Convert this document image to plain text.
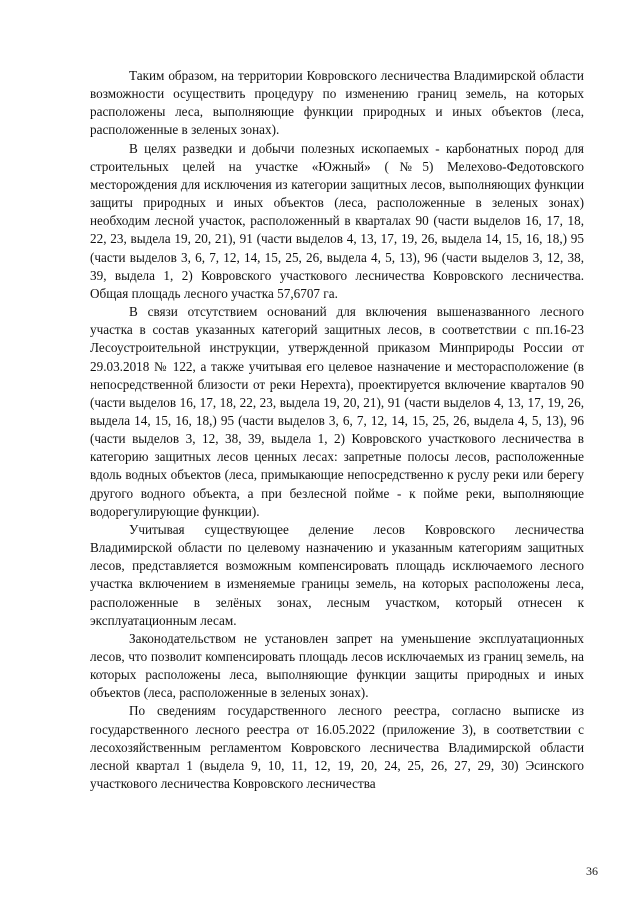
Таким образом, на территории Ковровского лесничества Владимирской области возможности осуществить процедуру по изменению границ земель, на которых расположены леса, выполняющие функции природных и иных объектов (леса, расположенные в зеленых зонах).

В целях разведки и добычи полезных ископаемых - карбонатных пород для строительных целей на участке «Южный» (№5) Мелехово-Федотовского месторождения для исключения из категории защитных лесов, выполняющих функции защиты природных и иных объектов (леса, расположенные в зеленых зонах) необходим лесной участок, расположенный в кварталах 90 (части выделов 16, 17, 18, 22, 23, выдела 19, 20, 21), 91 (части выделов 4, 13, 17, 19, 26, выдела 14, 15, 16, 18,) 95 (части выделов 3, 6, 7, 12, 14, 15, 25, 26, выдела 4, 5, 13), 96 (части выделов 3, 12, 38, 39, выдела 1, 2) Ковровского участкового лесничества Ковровского лесничества. Общая площадь лесного участка 57,6707 га.

В связи отсутствием оснований для включения вышеназванного лесного участка в состав указанных категорий защитных лесов, в соответствии с пп.16-23 Лесоустроительной инструкции, утвержденной приказом Минприроды России от 29.03.2018 № 122, а также учитывая его целевое назначение и месторасположение (в непосредственной близости от реки Нерехта), проектируется включение кварталов 90 (части выделов 16, 17, 18, 22, 23, выдела 19, 20, 21), 91 (части выделов 4, 13, 17, 19, 26, выдела 14, 15, 16, 18,) 95 (части выделов 3, 6, 7, 12, 14, 15, 25, 26, выдела 4, 5, 13), 96 (части выделов 3, 12, 38, 39, выдела 1, 2) Ковровского участкового лесничества в категорию защитных лесов ценных лесах: запретные полосы лесов, расположенные вдоль водных объектов (леса, примыкающие непосредственно к руслу реки или берегу другого водного объекта, а при безлесной пойме - к пойме реки, выполняющие водорегулирующие функции).

Учитывая существующее деление лесов Ковровского лесничества Владимирской области по целевому назначению и указанным категориям защитных лесов, представляется возможным компенсировать площадь исключаемого лесного участка включением в изменяемые границы земель, на которых расположены леса, расположенные в зелёных зонах, лесным участком, который отнесен к эксплуатационным лесам.

Законодательством не установлен запрет на уменьшение эксплуатационных лесов, что позволит компенсировать площадь лесов исключаемых из границ земель, на которых расположены леса, выполняющие функции защиты природных и иных объектов (леса, расположенные в зеленых зонах).

По сведениям государственного лесного реестра, согласно выписке из государственного лесного реестра от 16.05.2022 (приложение 3), в соответствии с лесохозяйственным регламентом Ковровского лесничества Владимирской области лесной квартал 1 (выдела 9, 10, 11, 12, 19, 20, 24, 25, 26, 27, 29, 30) Эсинского участкового лесничества Ковровского лесничества

36
